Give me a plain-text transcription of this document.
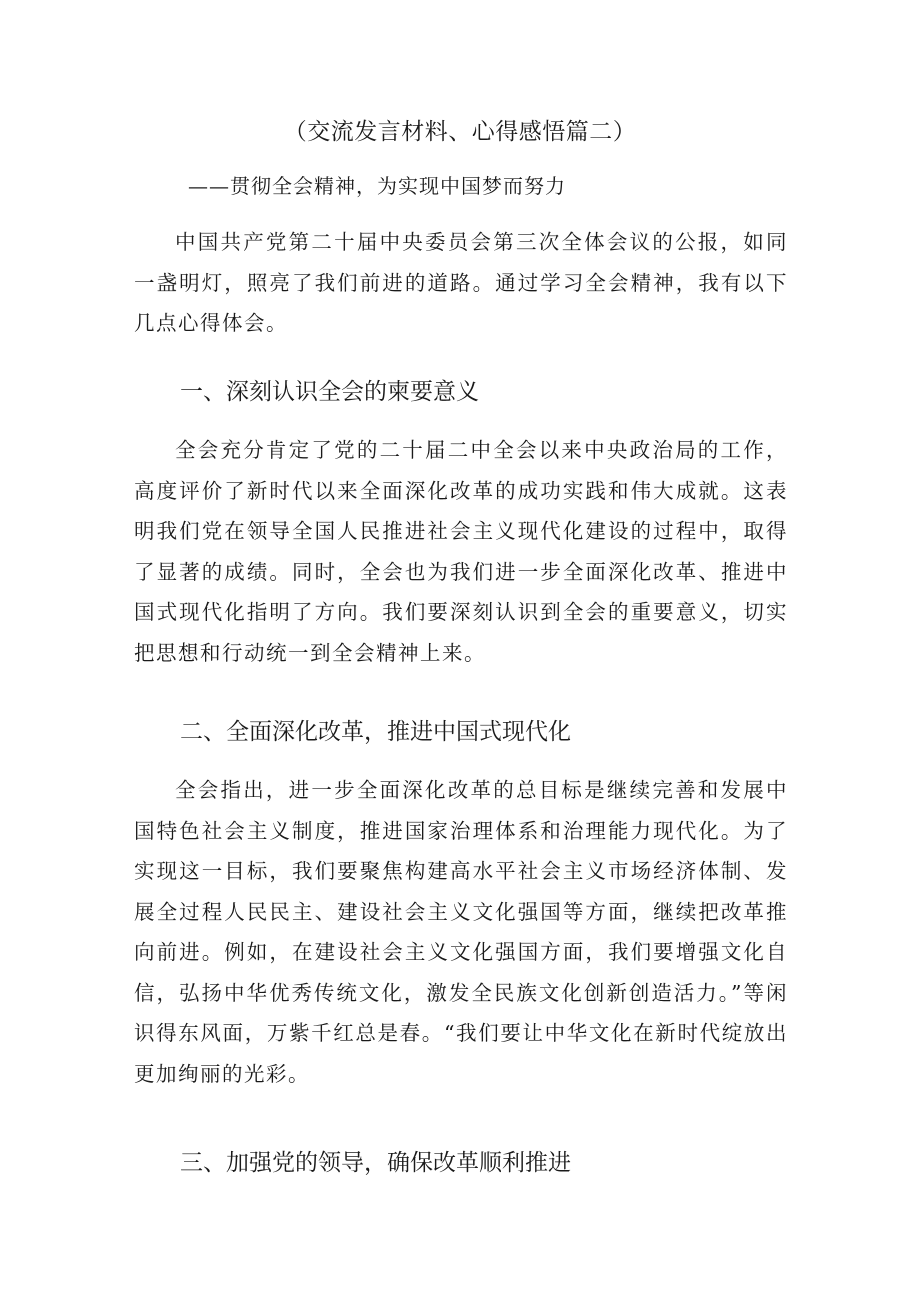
（交流发言材料、心得感悟篇二）
——贯彻全会精神，为实现中国梦而努力

中国共产党第二十届中央委员会第三次全体会议的公报，如同一盏明灯，照亮了我们前进的道路。通过学习全会精神，我有以下几点心得体会。

一、深刻认识全会的柬要意义

全会充分肯定了党的二十届二中全会以来中央政治局的工作，高度评价了新时代以来全面深化改革的成功实践和伟大成就。这表明我们党在领导全国人民推进社会主义现代化建设的过程中，取得了显著的成绩。同时，全会也为我们进一步全面深化改革、推进中国式现代化指明了方向。我们要深刻认识到全会的重要意义，切实把思想和行动统一到全会精神上来。

二、全面深化改革，推进中国式现代化

全会指出，进一步全面深化改革的总目标是继续完善和发展中国特色社会主义制度，推进国家治理体系和治理能力现代化。为了实现这一目标，我们要聚焦构建高水平社会主义市场经济体制、发展全过程人民民主、建设社会主义文化强国等方面，继续把改革推向前进。例如，在建设社会主义文化强国方面，我们要增强文化自信，弘扬中华优秀传统文化，激发全民族文化创新创造活力。”等闲识得东风面，万紫千红总是春。“我们要让中华文化在新时代绽放出更加绚丽的光彩。

三、加强党的领导，确保改革顺利推进
